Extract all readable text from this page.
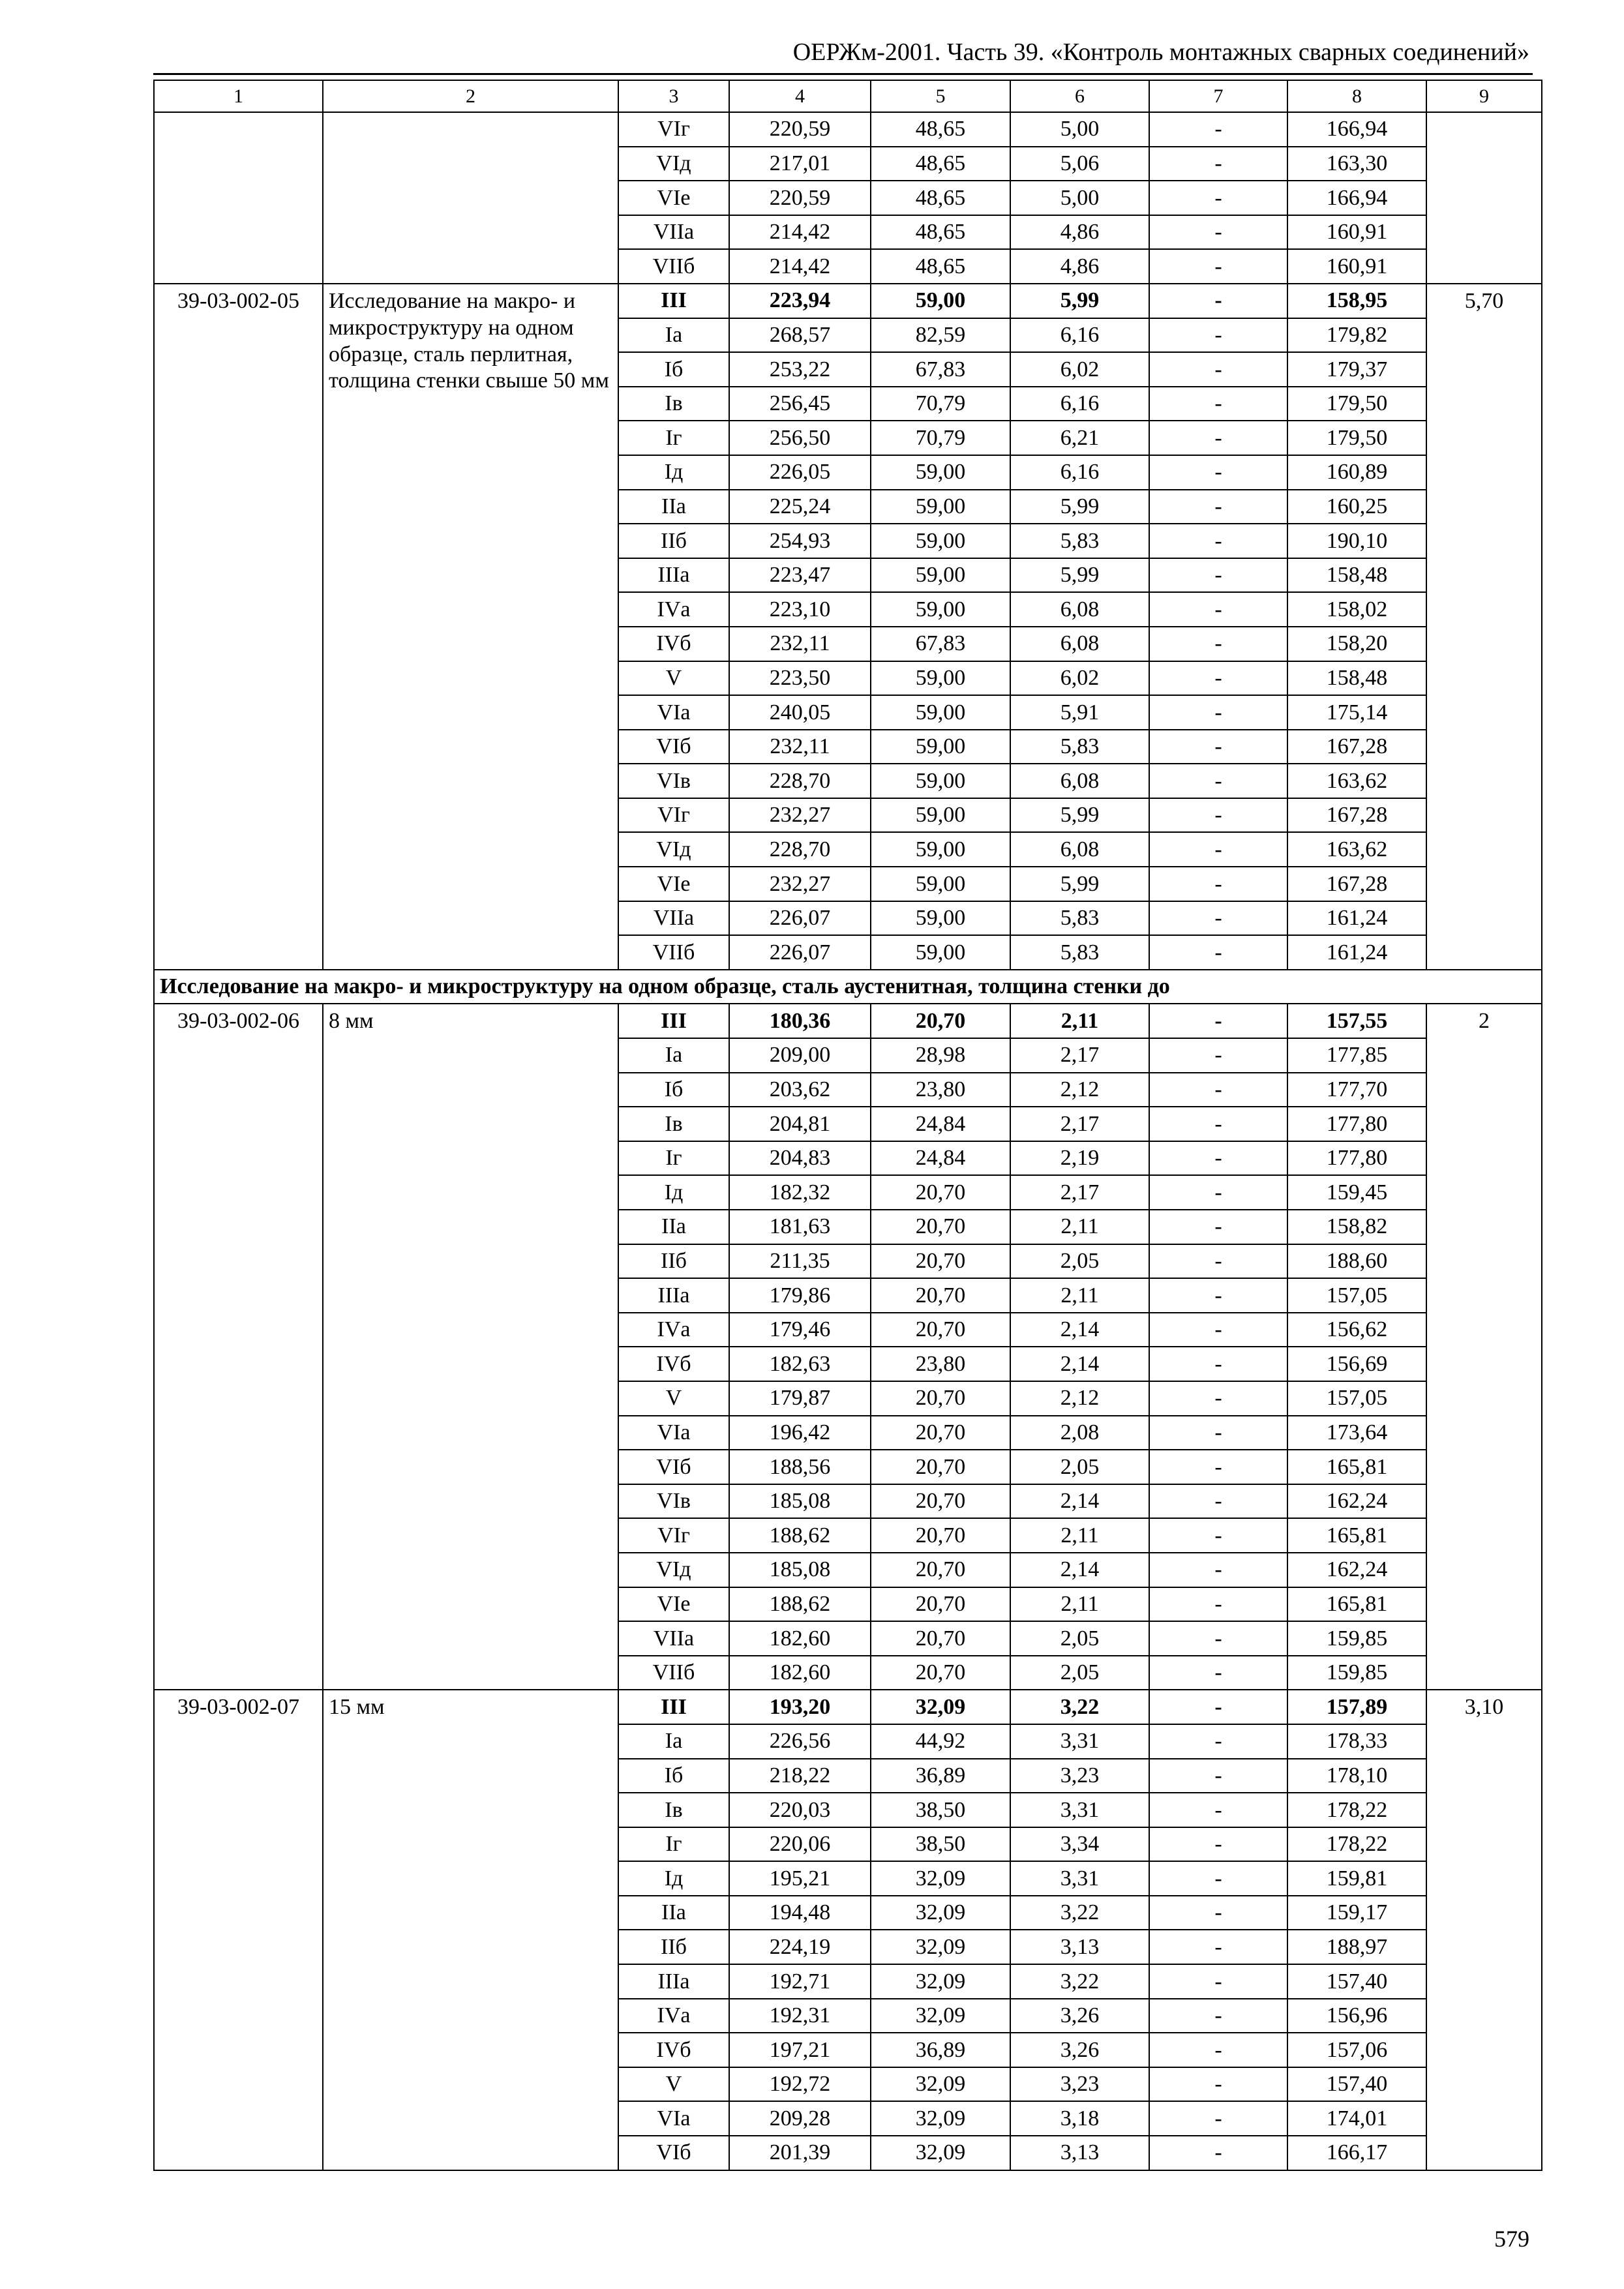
ОЕРЖм-2001. Часть 39. «Контроль монтажных сварных соединений»
1	2	3	4	5	6	7	8	9
		VIг	220,59	48,65	5,00	-	166,94	
		VIд	217,01	48,65	5,06	-	163,30	
		VIе	220,59	48,65	5,00	-	166,94	
		VIIа	214,42	48,65	4,86	-	160,91	
		VIIб	214,42	48,65	4,86	-	160,91	
39-03-002-05	Исследование на макро- и микроструктуру на одном образце, сталь перлитная, толщина стенки свыше 50 мм	III	223,94	59,00	5,99	-	158,95	5,70
		Iа	268,57	82,59	6,16	-	179,82	
		Iб	253,22	67,83	6,02	-	179,37	
		Iв	256,45	70,79	6,16	-	179,50	
		Iг	256,50	70,79	6,21	-	179,50	
		Iд	226,05	59,00	6,16	-	160,89	
		IIа	225,24	59,00	5,99	-	160,25	
		IIб	254,93	59,00	5,83	-	190,10	
		IIIа	223,47	59,00	5,99	-	158,48	
		IVа	223,10	59,00	6,08	-	158,02	
		IVб	232,11	67,83	6,08	-	158,20	
		V	223,50	59,00	6,02	-	158,48	
		VIа	240,05	59,00	5,91	-	175,14	
		VIб	232,11	59,00	5,83	-	167,28	
		VIв	228,70	59,00	6,08	-	163,62	
		VIг	232,27	59,00	5,99	-	167,28	
		VIд	228,70	59,00	6,08	-	163,62	
		VIе	232,27	59,00	5,99	-	167,28	
		VIIа	226,07	59,00	5,83	-	161,24	
		VIIб	226,07	59,00	5,83	-	161,24	
Исследование на макро- и микроструктуру на одном образце, сталь аустенитная, толщина стенки до								
39-03-002-06	8 мм	III	180,36	20,70	2,11	-	157,55	2
		Iа	209,00	28,98	2,17	-	177,85	
		Iб	203,62	23,80	2,12	-	177,70	
		Iв	204,81	24,84	2,17	-	177,80	
		Iг	204,83	24,84	2,19	-	177,80	
		Iд	182,32	20,70	2,17	-	159,45	
		IIа	181,63	20,70	2,11	-	158,82	
		IIб	211,35	20,70	2,05	-	188,60	
		IIIа	179,86	20,70	2,11	-	157,05	
		IVа	179,46	20,70	2,14	-	156,62	
		IVб	182,63	23,80	2,14	-	156,69	
		V	179,87	20,70	2,12	-	157,05	
		VIа	196,42	20,70	2,08	-	173,64	
		VIб	188,56	20,70	2,05	-	165,81	
		VIв	185,08	20,70	2,14	-	162,24	
		VIг	188,62	20,70	2,11	-	165,81	
		VIд	185,08	20,70	2,14	-	162,24	
		VIе	188,62	20,70	2,11	-	165,81	
		VIIа	182,60	20,70	2,05	-	159,85	
		VIIб	182,60	20,70	2,05	-	159,85	
39-03-002-07	15 мм	III	193,20	32,09	3,22	-	157,89	3,10
		Iа	226,56	44,92	3,31	-	178,33	
		Iб	218,22	36,89	3,23	-	178,10	
		Iв	220,03	38,50	3,31	-	178,22	
		Iг	220,06	38,50	3,34	-	178,22	
		Iд	195,21	32,09	3,31	-	159,81	
		IIа	194,48	32,09	3,22	-	159,17	
		IIб	224,19	32,09	3,13	-	188,97	
		IIIа	192,71	32,09	3,22	-	157,40	
		IVа	192,31	32,09	3,26	-	156,96	
		IVб	197,21	36,89	3,26	-	157,06	
		V	192,72	32,09	3,23	-	157,40	
		VIа	209,28	32,09	3,18	-	174,01	
		VIб	201,39	32,09	3,13	-	166,17	
579
